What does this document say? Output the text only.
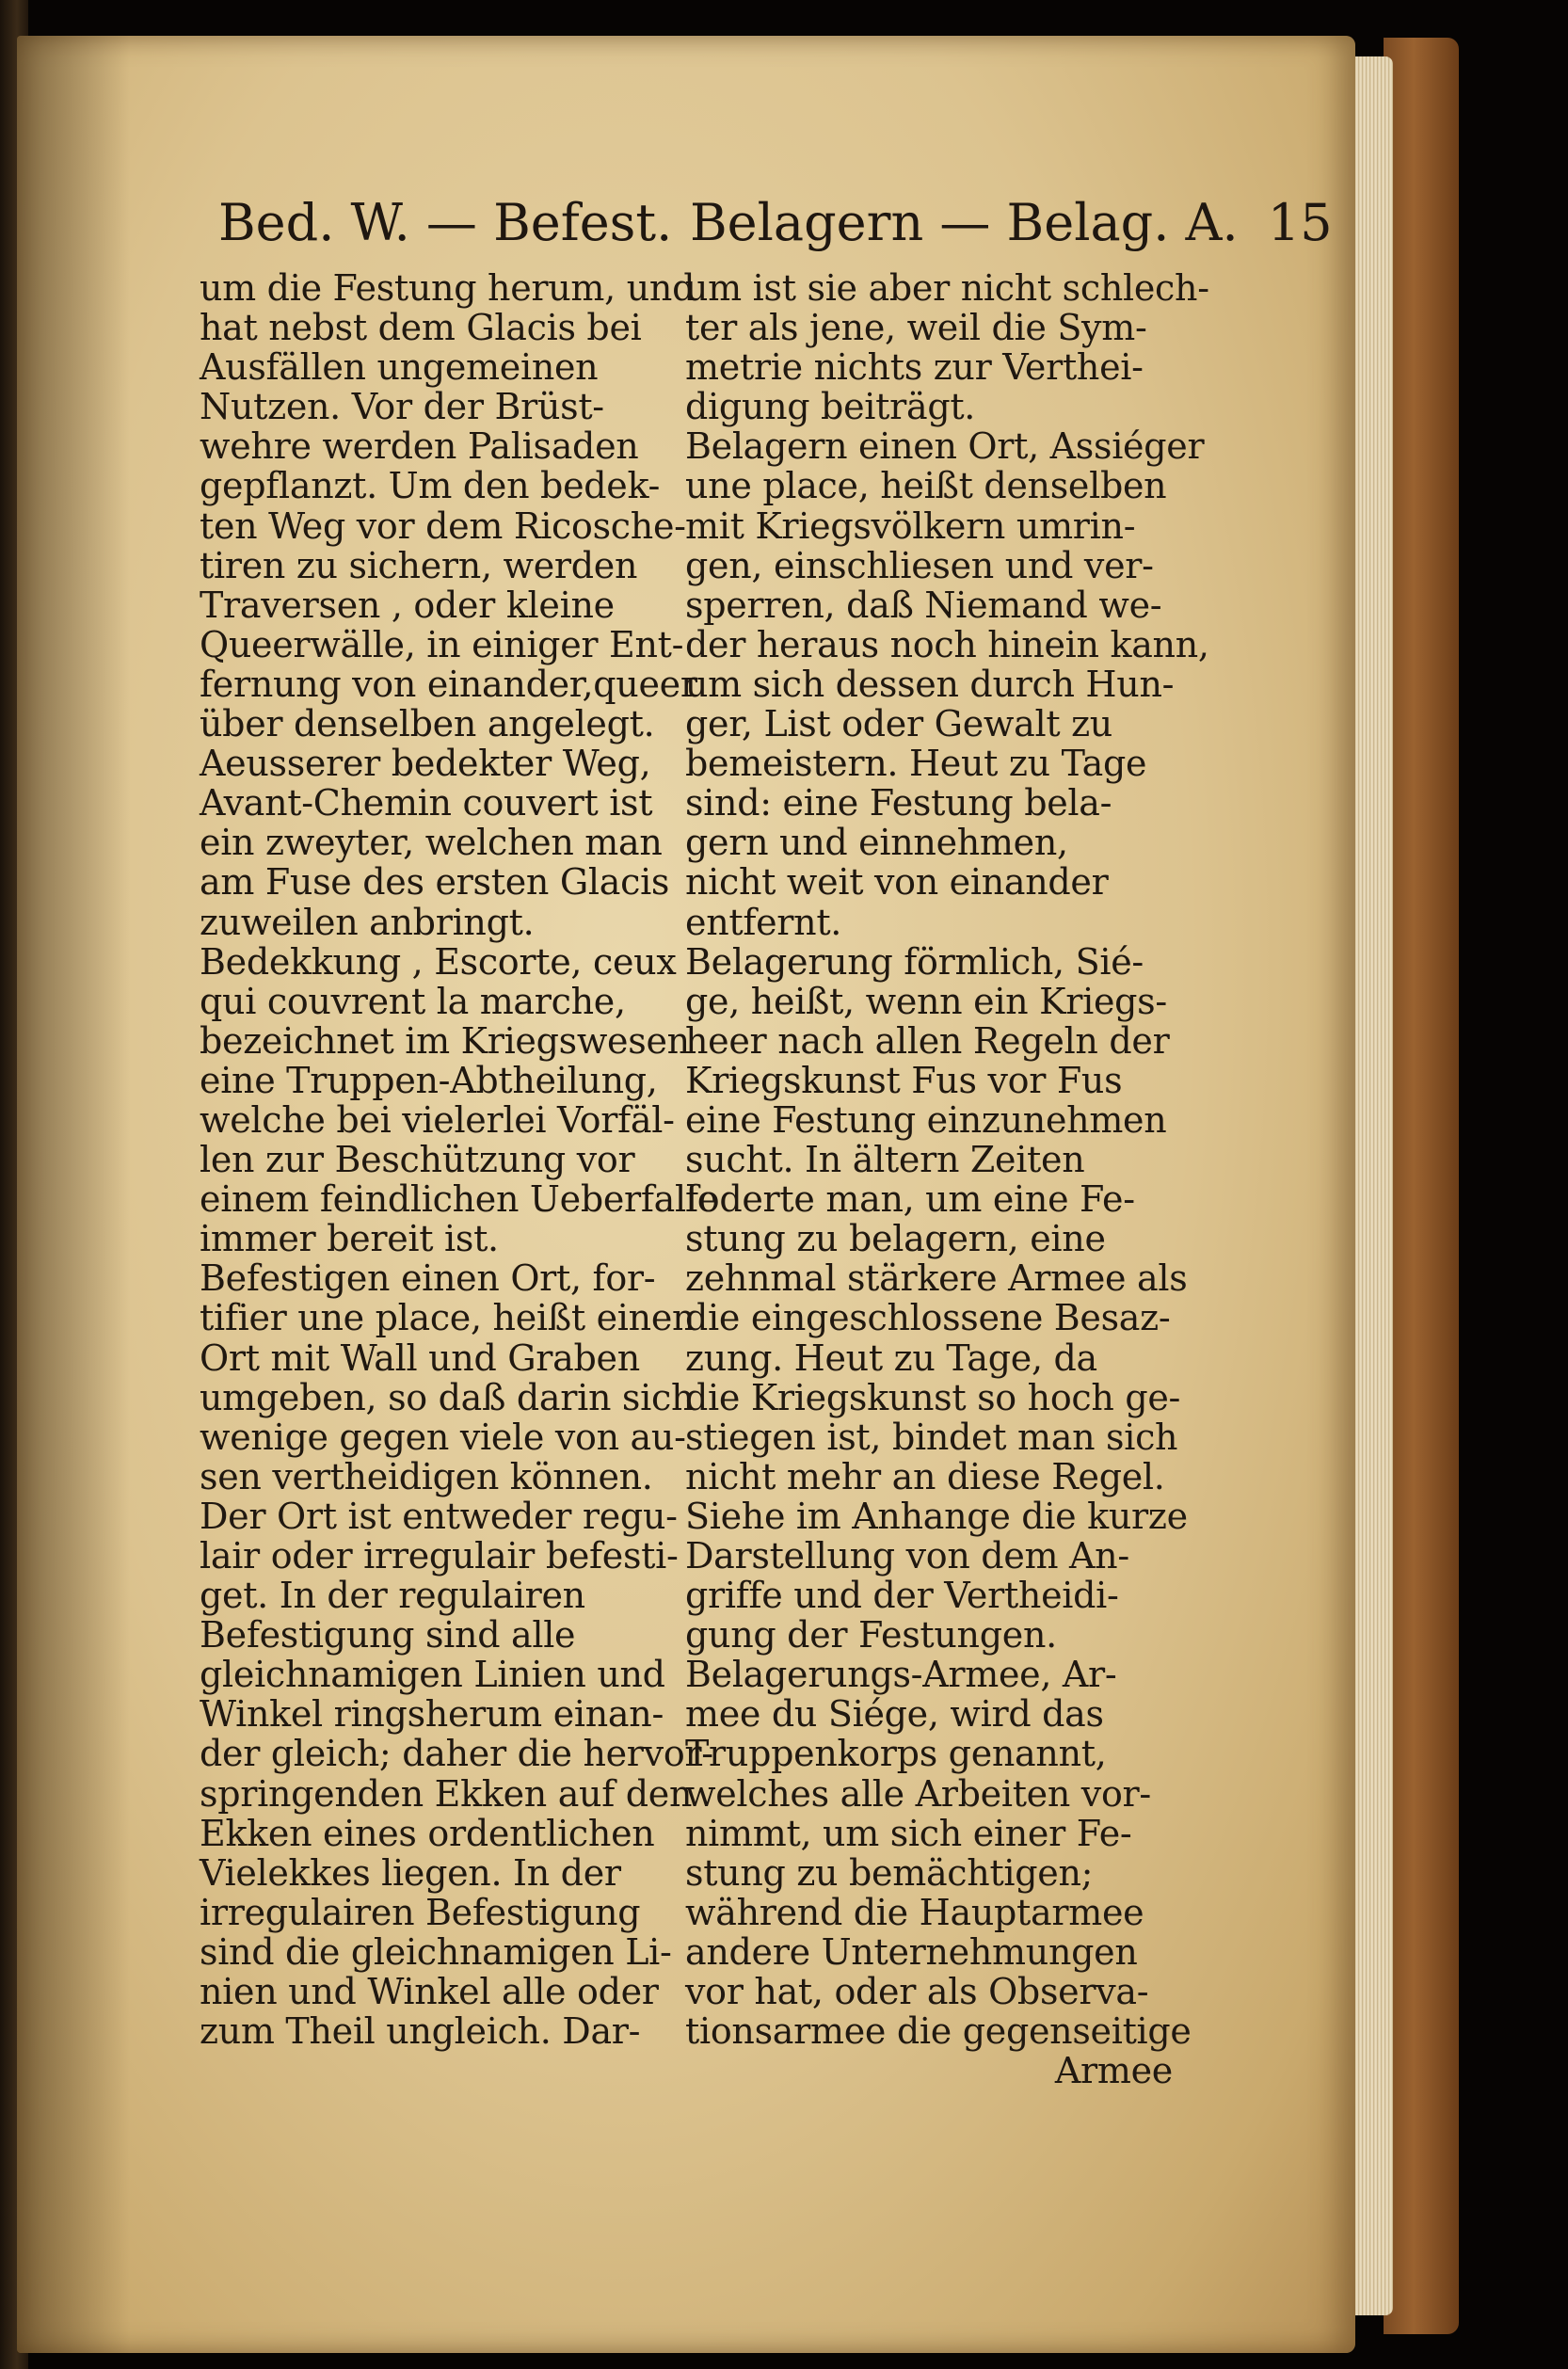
Bed. W. — Befest. Belagern — Belag. A. 15
um die Festung herum, und
hat nebst dem Glacis bei
Ausfällen ungemeinen
Nutzen. Vor der Brüst-
wehre werden Palisaden
gepflanzt. Um den bedek-
ten Weg vor dem Ricosche-
tiren zu sichern, werden
Traversen , oder kleine
Queerwälle, in einiger Ent-
fernung von einander,queer
über denselben angelegt.
Aeusserer bedekter Weg,
Avant-Chemin couvert ist
ein zweyter, welchen man
am Fuse des ersten Glacis
zuweilen anbringt.
Bedekkung , Escorte, ceux
qui couvrent la marche,
bezeichnet im Kriegswesen
eine Truppen-Abtheilung,
welche bei vielerlei Vorfäl-
len zur Beschützung vor
einem feindlichen Ueberfalle
immer bereit ist.
Befestigen einen Ort, for-
tifier une place, heißt einen
Ort mit Wall und Graben
umgeben, so daß darin sich
wenige gegen viele von au-
sen vertheidigen können.
Der Ort ist entweder regu-
lair oder irregulair befesti-
get. In der regulairen
Befestigung sind alle
gleichnamigen Linien und
Winkel ringsherum einan-
der gleich; daher die hervor-
springenden Ekken auf den
Ekken eines ordentlichen
Vielekkes liegen. In der
irregulairen Befestigung
sind die gleichnamigen Li-
nien und Winkel alle oder
zum Theil ungleich. Dar-
um ist sie aber nicht schlech-
ter als jene, weil die Sym-
metrie nichts zur Verthei-
digung beiträgt.
Belagern einen Ort, Assiéger
une place, heißt denselben
mit Kriegsvölkern umrin-
gen, einschliesen und ver-
sperren, daß Niemand we-
der heraus noch hinein kann,
um sich dessen durch Hun-
ger, List oder Gewalt zu
bemeistern. Heut zu Tage
sind: eine Festung bela-
gern und einnehmen,
nicht weit von einander
entfernt.
Belagerung förmlich, Sié-
ge, heißt, wenn ein Kriegs-
heer nach allen Regeln der
Kriegskunst Fus vor Fus
eine Festung einzunehmen
sucht. In ältern Zeiten
foderte man, um eine Fe-
stung zu belagern, eine
zehnmal stärkere Armee als
die eingeschlossene Besaz-
zung. Heut zu Tage, da
die Kriegskunst so hoch ge-
stiegen ist, bindet man sich
nicht mehr an diese Regel.
Siehe im Anhange die kurze
Darstellung von dem An-
griffe und der Vertheidi-
gung der Festungen.
Belagerungs-Armee, Ar-
mee du Siége, wird das
Truppenkorps genannt,
welches alle Arbeiten vor-
nimmt, um sich einer Fe-
stung zu bemächtigen;
während die Hauptarmee
andere Unternehmungen
vor hat, oder als Observa-
tionsarmee die gegenseitige
Armee
